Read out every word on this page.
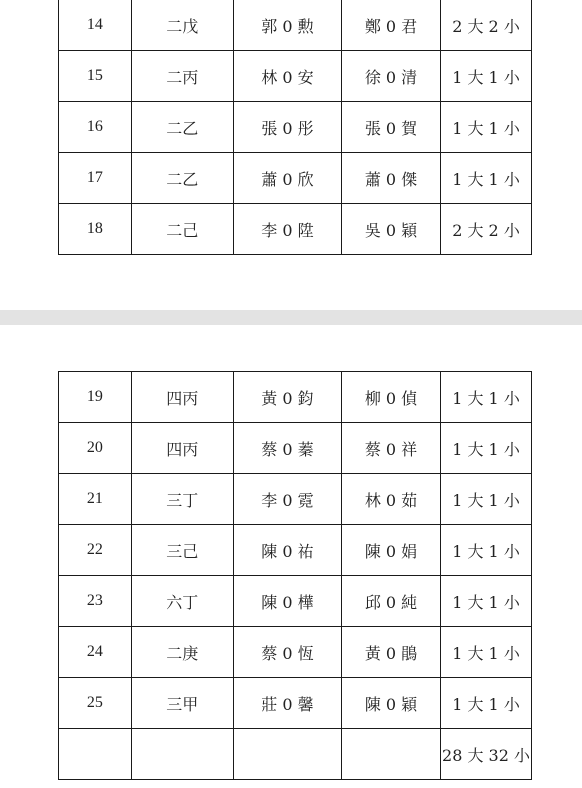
14	二戊	郭 0 勲	鄭 0 君	2 大 2 小
15	二丙	林 0 安	徐 0 清	1 大 1 小
16	二乙	張 0 彤	張 0 賀	1 大 1 小
17	二乙	蕭 0 欣	蕭 0 傑	1 大 1 小
18	二己	李 0 陞	吳 0 穎	2 大 2 小
19	四丙	黃 0 鈞	柳 0 偵	1 大 1 小
20	四丙	蔡 0 蓁	蔡 0 祥	1 大 1 小
21	三丁	李 0 霓	林 0 茹	1 大 1 小
22	三己	陳 0 祐	陳 0 娟	1 大 1 小
23	六丁	陳 0 樺	邱 0 純	1 大 1 小
24	二庚	蔡 0 恆	黃 0 鵑	1 大 1 小
25	三甲	莊 0 馨	陳 0 穎	1 大 1 小
				28 大 32 小
